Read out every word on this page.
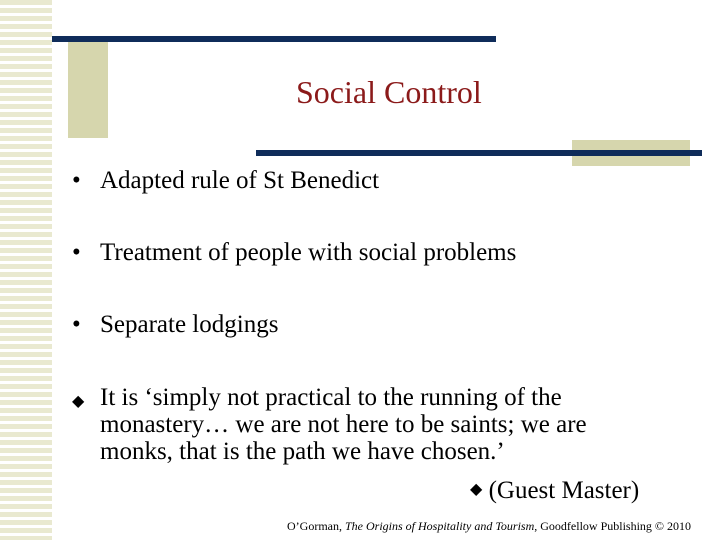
Social Control
• Adapted rule of St Benedict
• Treatment of people with social problems
• Separate lodgings
◆ It is ‘simply not practical to the running of the
monastery… we are not here to be saints; we are
monks, that is the path we have chosen.’
◆ (Guest Master)
O’Gorman, The Origins of Hospitality and Tourism, Goodfellow Publishing © 2010
